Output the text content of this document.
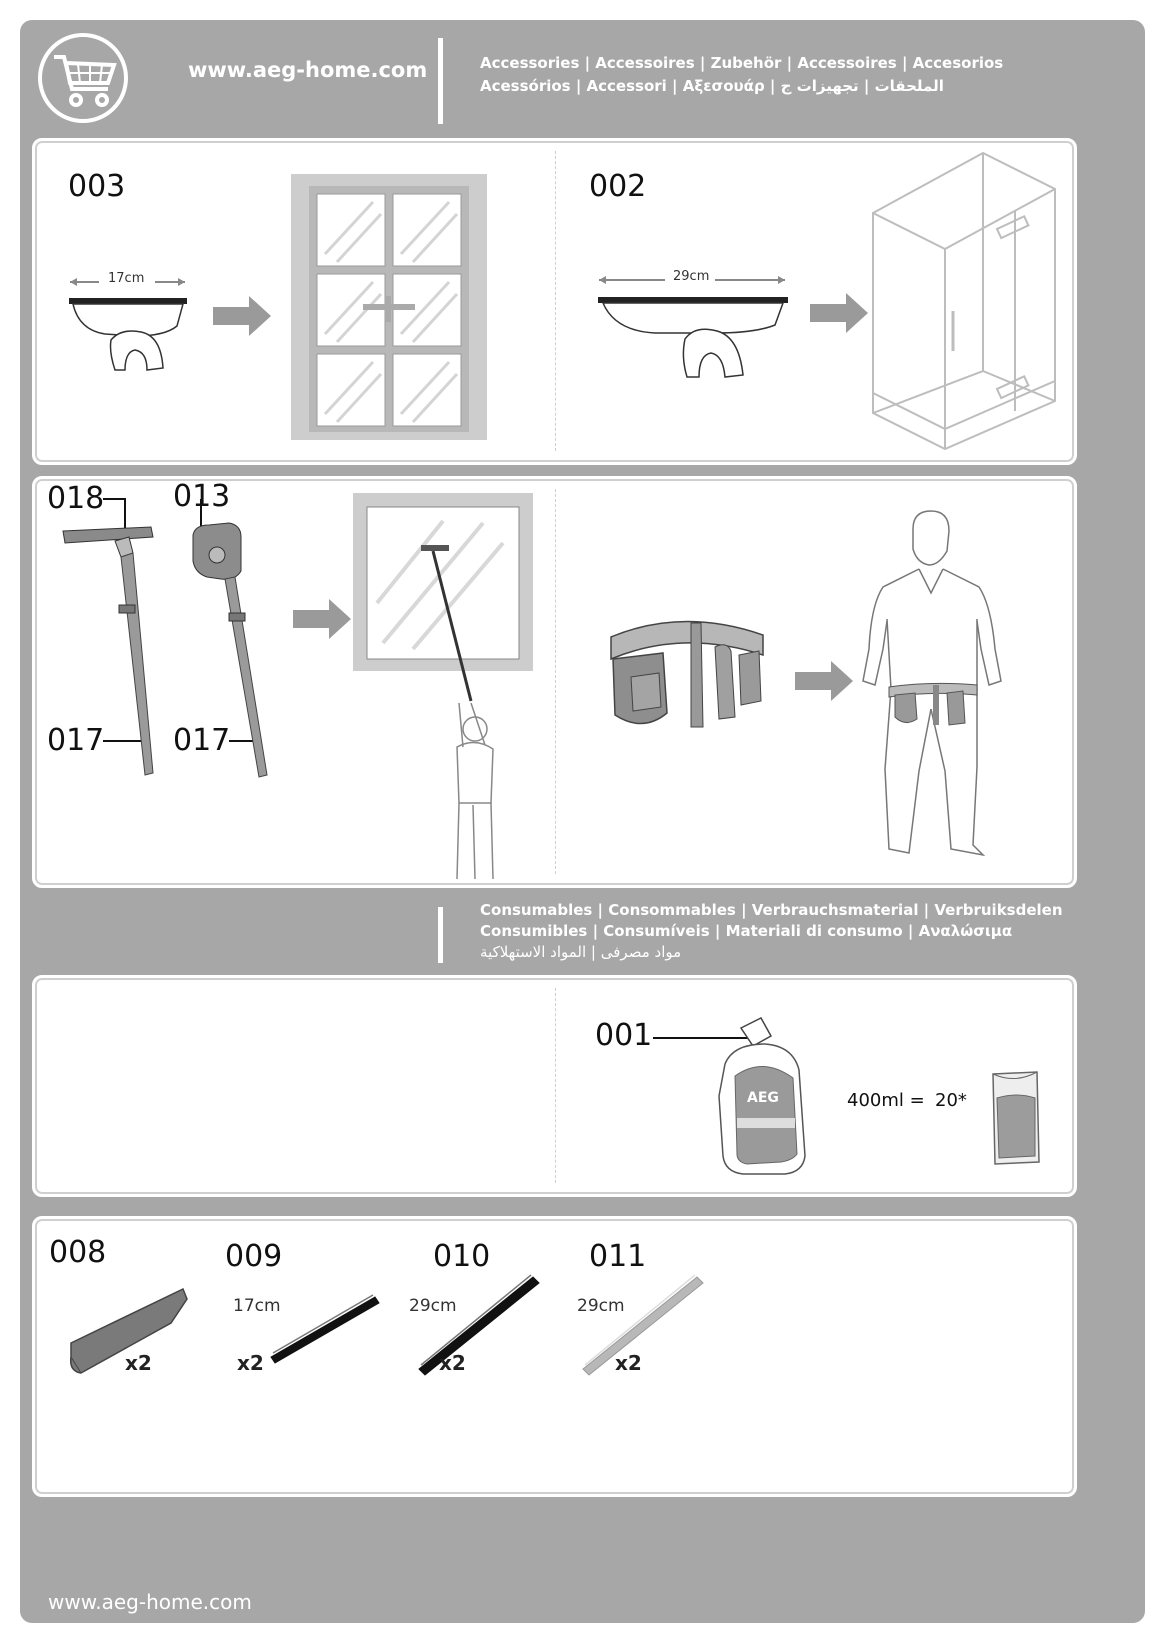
www.aeg-home.com	Accessories | Accessoires | Zubehör | Accessoires | Accesorios
Acessórios | Accessori | Αξεσουάρ | الملحقات | تجهيزات ج
003
17cm
002
29cm
018 013
017 017
Consumables | Consommables | Verbrauchsmaterial | Verbruiksdelen
Consumibles | Consumíveis | Materiali di consumo | Αναλώσιμα
مواد مصرفی | المواد الاستهلاكية
001
AEG	400ml = 20*
008
x2
009
17cm
x2
010
29cm
x2
011
29cm
x2
www.aeg-home.com
